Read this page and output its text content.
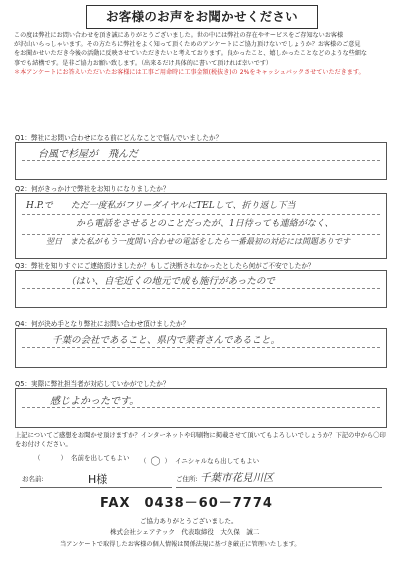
お客様のお声をお聞かせください
この度は弊社にお問い合わせを頂き誠にありがとうございました。世の中には弊社の存在やサービスをご存知ないお客様
が沢山いらっしゃいます。その方たちに弊社をよく知って頂くためのアンケートにご協力頂けないでしょうか？お客様のご意見
をお聞かせいただき今後の活動に反映させていただきたいと考えております。良かったこと、嬉しかったことなどのような些細な
事でも結構です。是非ご協力お願い致します。（出来るだけ具体的に書いて頂ければ幸いです）
＊本アンケートにお答えいただいたお客様には工事ご用命時に工事金額(税抜き)の 2%をキャッシュバックさせていただきます。
Q1：弊社にお問い合わせになる前にどんなことで悩んでいましたか？
台風で杉屋が　飛んだ
Q2：何がきっかけで弊社をお知りになりましたか？
H.P.で　　ただ一度私がフリーダイヤルにTELして、折り返し下当
から電話をさせるとのことだったが、1日待っても連絡がなく、
翌日　また私がもう一度問い合わせの電話をしたら一番最初の対応には問題ありです
Q3：弊社を知りすぐにご連絡頂けましたか？もしご決断されなかったとしたら何がご不安でしたか？
（はい、自宅近くの地元で成も施行があったので
Q4：何が決め手となり弊社にお問い合わせ頂けましたか？
千葉の会社であること、県内で業者さんであること。
Q5：実際に弊社担当者が対応していかがでしたか？
感じよかったです。
上記についてご感想をお聞かせ頂けますか？インターネットや印刷物に掲載させて頂いてもよろしいでしょうか？下記の中から〇印をお付けください。
（	） 名前を出してもよい （ 〇 ） イニシャルなら出してもよい
お名前:	H様	ご住所: 千葉市花見川区
FAX　0438－60－7774
ご協力ありがとうございました。
株式会社シェアテック　代表取締役　大久保　誠二
当アンケートで取得したお客様の個人情報は関係法規に基づき厳正に管理いたします。
